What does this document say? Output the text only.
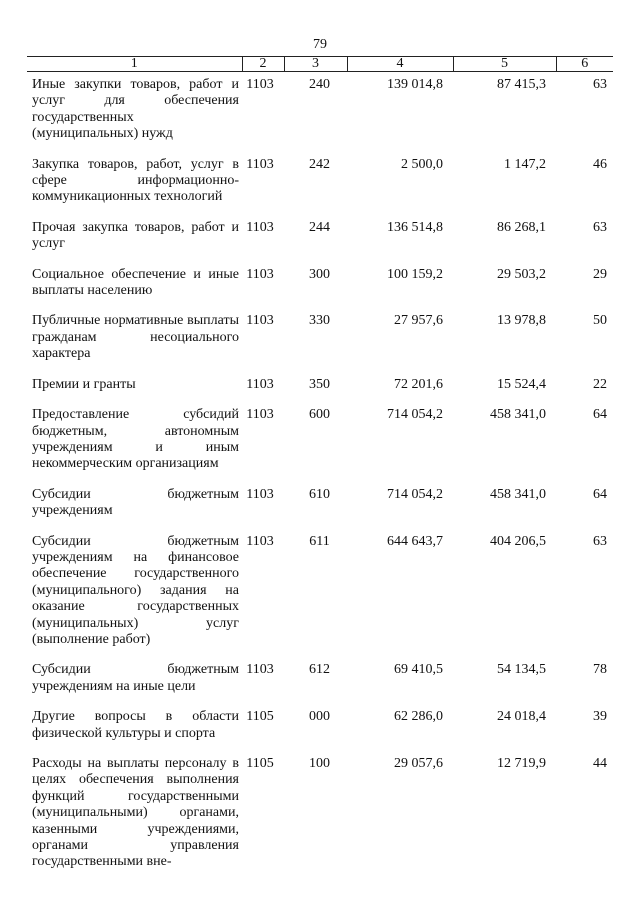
79
1	2	3	4	5	6
Иные закупки товаров, работ и услуг для обеспечения государственных (муниципальных) нужд	1103	240	139 014,8	87 415,3	63
Закупка товаров, работ, услуг в сфере информационно-коммуникационных технологий	1103	242	2 500,0	1 147,2	46
Прочая закупка товаров, работ и услуг	1103	244	136 514,8	86 268,1	63
Социальное обеспечение и иные выплаты населению	1103	300	100 159,2	29 503,2	29
Публичные нормативные выплаты гражданам несоциального характера	1103	330	27 957,6	13 978,8	50
Премии и гранты	1103	350	72 201,6	15 524,4	22
Предоставление субсидий бюджетным, автономным учреждениям и иным некоммерческим организациям	1103	600	714 054,2	458 341,0	64
Субсидии бюджетным учреждениям	1103	610	714 054,2	458 341,0	64
Субсидии бюджетным учреждениям на финансовое обеспечение государственного (муниципального) задания на оказание государственных (муниципальных) услуг (выполнение работ)	1103	611	644 643,7	404 206,5	63
Субсидии бюджетным учреждениям на иные цели	1103	612	69 410,5	54 134,5	78
Другие вопросы в области физической культуры и спорта	1105	000	62 286,0	24 018,4	39
Расходы на выплаты персоналу в целях обеспечения выполнения функций государственными (муниципальными) органами, казенными учреждениями, органами управления государственными вне-	1105	100	29 057,6	12 719,9	44
